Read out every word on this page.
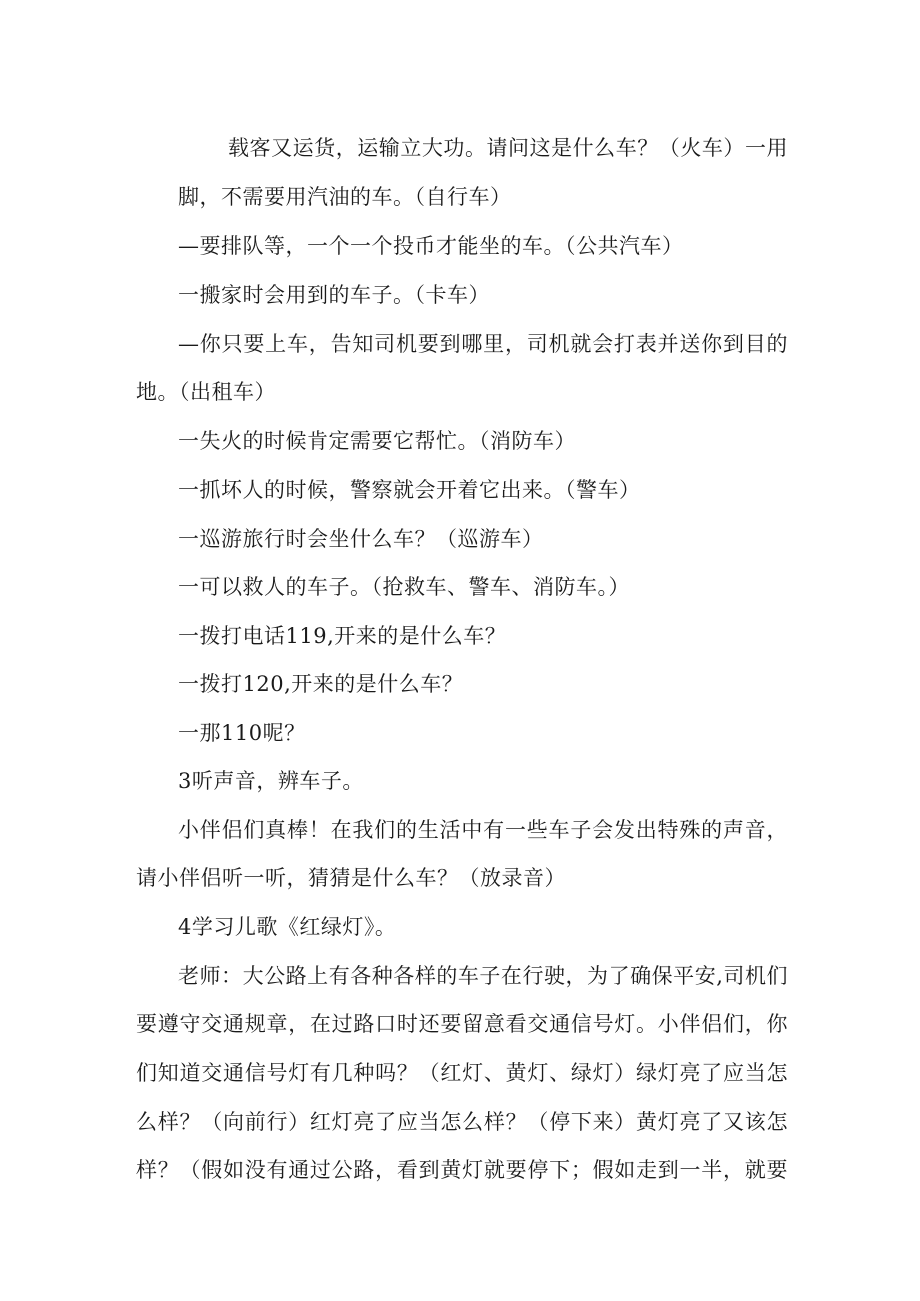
载客又运货，运输立大功。请问这是什么车？（火车）一用
脚，不需要用汽油的车。（自行车）
—要排队等，一个一个投币才能坐的车。（公共汽车）
一搬家时会用到的车子。（卡车）
—你只要上车，告知司机要到哪里，司机就会打表并送你到目的
地。（出租车）
一失火的时候肯定需要它帮忙。（消防车）
一抓坏人的时候，警察就会开着它出来。（警车）
一巡游旅行时会坐什么车？（巡游车）
一可以救人的车子。（抢救车、警车、消防车。）
一拨打电话119,开来的是什么车？
一拨打120,开来的是什么车？
一那110呢？
3听声音，辨车子。
小伴侣们真棒！在我们的生活中有一些车子会发出特殊的声音，
请小伴侣听一听，猜猜是什么车？（放录音）
4学习儿歌《红绿灯》。
老师：大公路上有各种各样的车子在行驶，为了确保平安,司机们
要遵守交通规章，在过路口时还要留意看交通信号灯。小伴侣们，你
们知道交通信号灯有几种吗？（红灯、黄灯、绿灯）绿灯亮了应当怎
么样？（向前行）红灯亮了应当怎么样？（停下来）黄灯亮了又该怎
样？（假如没有通过公路，看到黄灯就要停下；假如走到一半，就要
